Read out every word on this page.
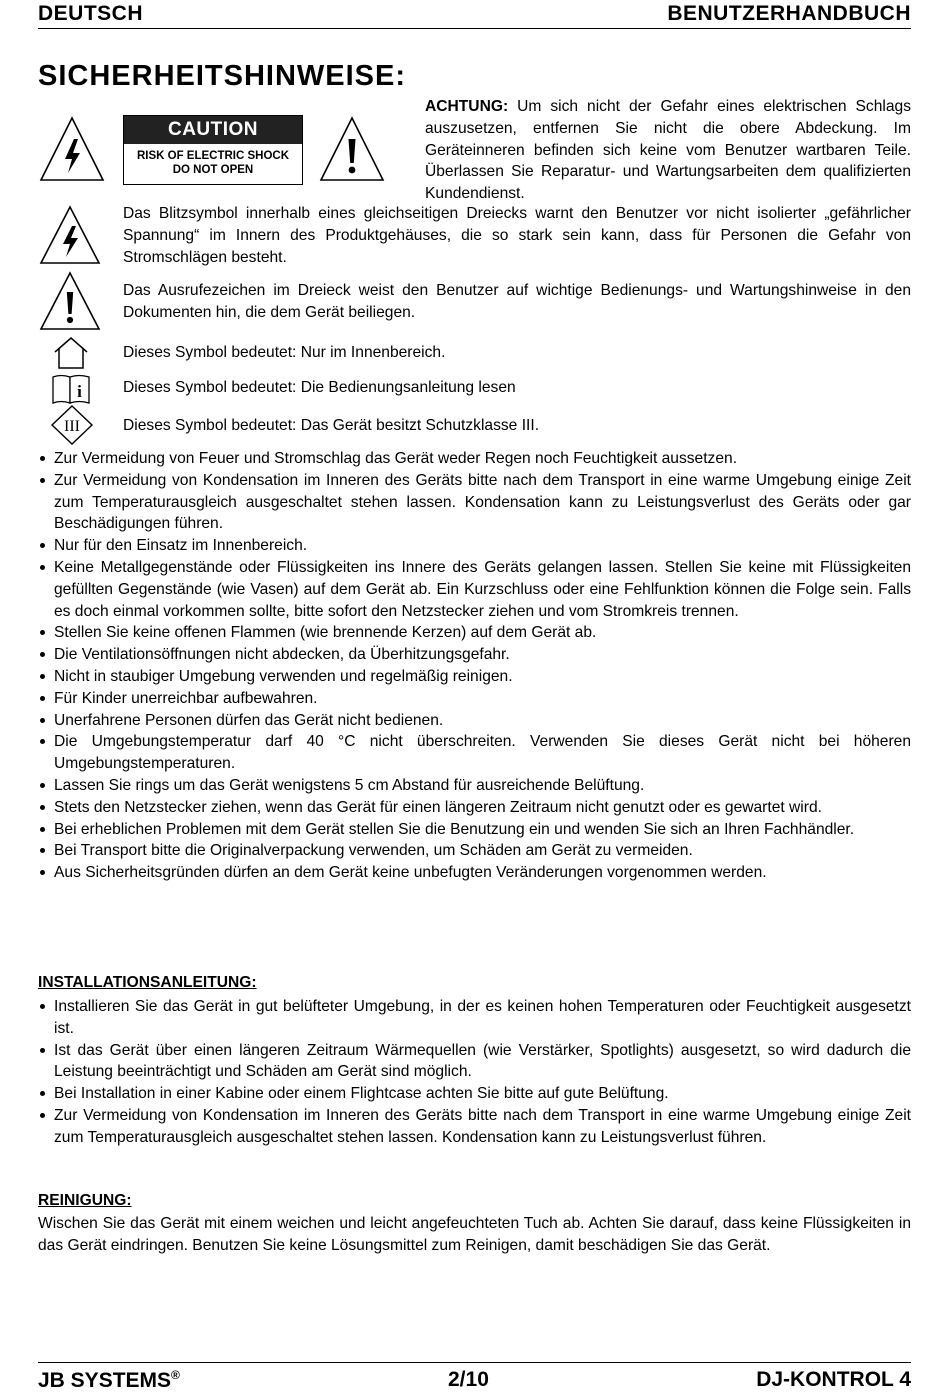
DEUTSCH	BENUTZERHANDBUCH
SICHERHEITSHINWEISE:
CAUTION
RISK OF ELECTRIC SHOCK
DO NOT OPEN

ACHTUNG: Um sich nicht der Gefahr eines elektrischen Schlags auszusetzen, entfernen Sie nicht die obere Abdeckung. Im Geräteinneren befinden sich keine vom Benutzer wartbaren Teile. Überlassen Sie Reparatur- und Wartungsarbeiten dem qualifizierten Kundendienst.

Das Blitzsymbol innerhalb eines gleichseitigen Dreiecks warnt den Benutzer vor nicht isolierter „gefährlicher Spannung“ im Innern des Produktgehäuses, die so stark sein kann, dass für Personen die Gefahr von Stromschlägen besteht.

Das Ausrufezeichen im Dreieck weist den Benutzer auf wichtige Bedienungs- und Wartungshinweise in den Dokumenten hin, die dem Gerät beiliegen.

Dieses Symbol bedeutet: Nur im Innenbereich.

i	Dieses Symbol bedeutet: Die Bedienungsanleitung lesen

III	Dieses Symbol bedeutet: Das Gerät besitzt Schutzklasse III.

Zur Vermeidung von Feuer und Stromschlag das Gerät weder Regen noch Feuchtigkeit aussetzen.
Zur Vermeidung von Kondensation im Inneren des Geräts bitte nach dem Transport in eine warme Umgebung einige Zeit zum Temperaturausgleich ausgeschaltet stehen lassen. Kondensation kann zu Leistungsverlust des Geräts oder gar Beschädigungen führen.
Nur für den Einsatz im Innenbereich.
Keine Metallgegenstände oder Flüssigkeiten ins Innere des Geräts gelangen lassen. Stellen Sie keine mit Flüssigkeiten gefüllten Gegenstände (wie Vasen) auf dem Gerät ab. Ein Kurzschluss oder eine Fehlfunktion können die Folge sein. Falls es doch einmal vorkommen sollte, bitte sofort den Netzstecker ziehen und vom Stromkreis trennen.
Stellen Sie keine offenen Flammen (wie brennende Kerzen) auf dem Gerät ab.
Die Ventilationsöffnungen nicht abdecken, da Überhitzungsgefahr.
Nicht in staubiger Umgebung verwenden und regelmäßig reinigen.
Für Kinder unerreichbar aufbewahren.
Unerfahrene Personen dürfen das Gerät nicht bedienen.
Die Umgebungstemperatur darf 40 °C nicht überschreiten. Verwenden Sie dieses Gerät nicht bei höheren Umgebungstemperaturen.
Lassen Sie rings um das Gerät wenigstens 5 cm Abstand für ausreichende Belüftung.
Stets den Netzstecker ziehen, wenn das Gerät für einen längeren Zeitraum nicht genutzt oder es gewartet wird.
Bei erheblichen Problemen mit dem Gerät stellen Sie die Benutzung ein und wenden Sie sich an Ihren Fachhändler.
Bei Transport bitte die Originalverpackung verwenden, um Schäden am Gerät zu vermeiden.
Aus Sicherheitsgründen dürfen an dem Gerät keine unbefugten Veränderungen vorgenommen werden.
INSTALLATIONSANLEITUNG:
Installieren Sie das Gerät in gut belüfteter Umgebung, in der es keinen hohen Temperaturen oder Feuchtigkeit ausgesetzt ist.
Ist das Gerät über einen längeren Zeitraum Wärmequellen (wie Verstärker, Spotlights) ausgesetzt, so wird dadurch die Leistung beeinträchtigt und Schäden am Gerät sind möglich.
Bei Installation in einer Kabine oder einem Flightcase achten Sie bitte auf gute Belüftung.
Zur Vermeidung von Kondensation im Inneren des Geräts bitte nach dem Transport in eine warme Umgebung einige Zeit zum Temperaturausgleich ausgeschaltet stehen lassen. Kondensation kann zu Leistungsverlust führen.
REINIGUNG:

Wischen Sie das Gerät mit einem weichen und leicht angefeuchteten Tuch ab. Achten Sie darauf, dass keine Flüssigkeiten in das Gerät eindringen. Benutzen Sie keine Lösungsmittel zum Reinigen, damit beschädigen Sie das Gerät.

JB SYSTEMS®	2/10	DJ-KONTROL 4
